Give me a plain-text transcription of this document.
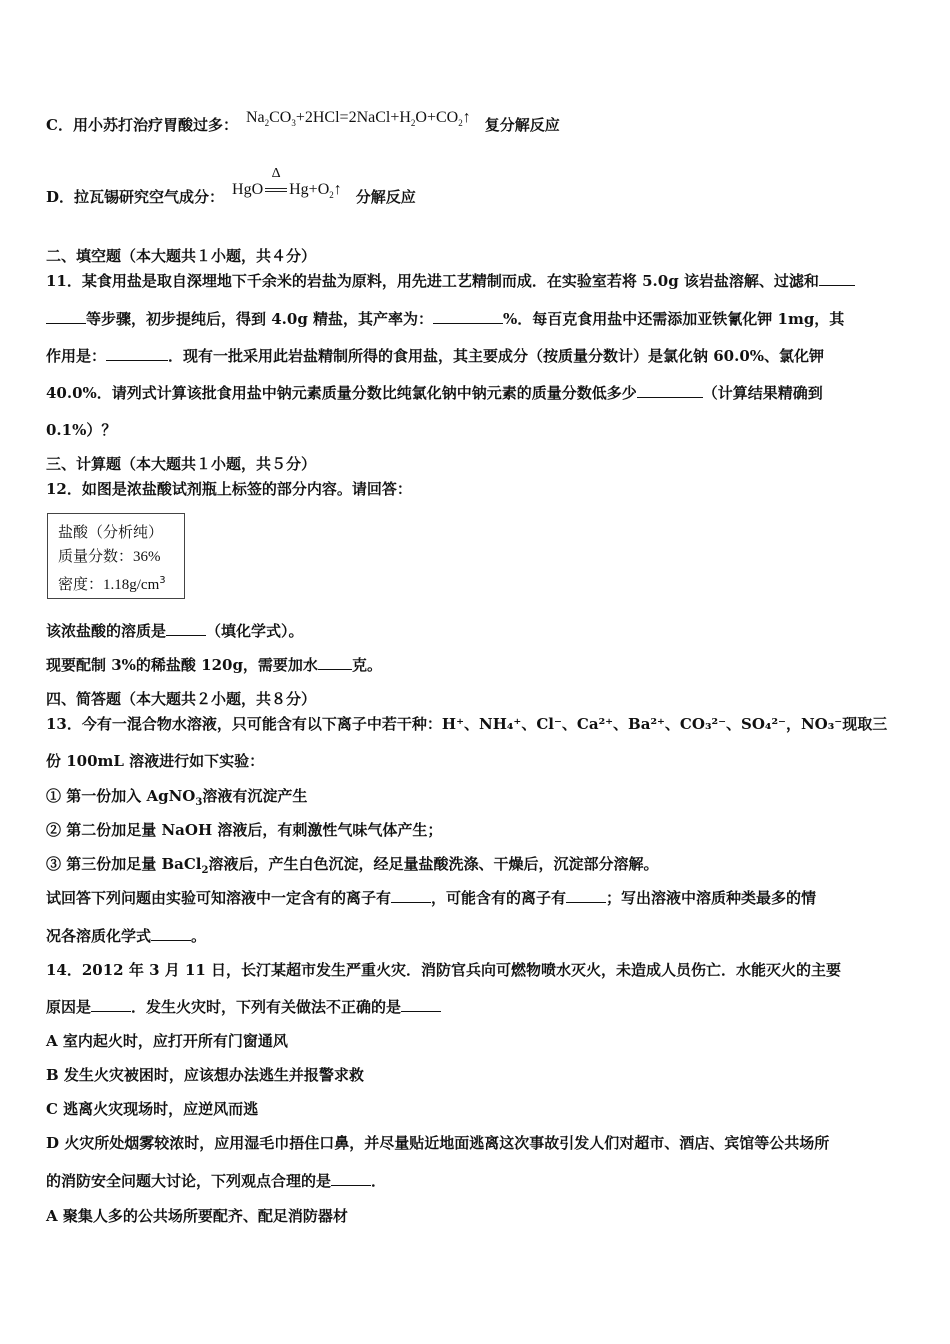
C．用小苏打治疗胃酸过多： $Na_2CO_3+2HCl=2NaCl+H_2O+CO_2↑$ 复分解反应
D．拉瓦锡研究空气成分： HgO
Δ
$Hg+O_2↑$ 分解反应
二、填空题（本大题共１小题，共４分）
11．某食用盐是取自深埋地下千余米的岩盐为原料，用先进工艺精制而成．在实验室若将 5.0g 该岩盐溶解、过滤和
等步骤，初步提纯后，得到 4.0g 精盐，其产率为：	%．每百克食用盐中还需添加亚铁氰化钾 1mg，其
作用是：	．现有一批采用此岩盐精制所得的食用盐，其主要成分（按质量分数计）是氯化钠 60.0%、氯化钾
40.0%．请列式计算该批食用盐中钠元素质量分数比纯氯化钠中钠元素的质量分数低多少	（计算结果精确到
0.1%）？
三、计算题（本大题共１小题，共５分）
12．如图是浓盐酸试剂瓶上标签的部分内容。请回答：
盐酸（分析纯）
质量分数：36%
密度：$1.18g/cm^3$
该浓盐酸的溶质是	（填化学式）。
现要配制 3%的稀盐酸 120g，需要加水 克。
四、简答题（本大题共２小题，共８分）
13．今有一混合物水溶液，只可能含有以下离子中若干种：H⁺、NH₄⁺、Cl⁻、Ca²⁺、Ba²⁺、CO₃²⁻、SO₄²⁻，NO₃⁻现取三
份 100mL 溶液进行如下实验：
① 第一份加入 AgNO$_3$溶液有沉淀产生
② 第二份加足量 NaOH 溶液后，有刺激性气味气体产生；
③ 第三份加足量 BaCl$_2$溶液后，产生白色沉淀，经足量盐酸洗涤、干燥后，沉淀部分溶解。
试回答下列问题由实验可知溶液中一定含有的离子有	，可能含有的离子有	；写出溶液中溶质种类最多的情
况各溶质化学式	。
14．2012 年 3 月 11 日，长汀某超市发生严重火灾．消防官兵向可燃物喷水灭火，未造成人员伤亡．水能灭火的主要
原因是	．发生火灾时，下列有关做法不正确的是
A 室内起火时，应打开所有门窗通风
B 发生火灾被困时，应该想办法逃生并报警求救
C 逃离火灾现场时，应逆风而逃
D 火灾所处烟雾较浓时，应用湿毛巾捂住口鼻，并尽量贴近地面逃离这次事故引发人们对超市、酒店、宾馆等公共场所
的消防安全问题大讨论，下列观点合理的是	．
A 聚集人多的公共场所要配齐、配足消防器材
